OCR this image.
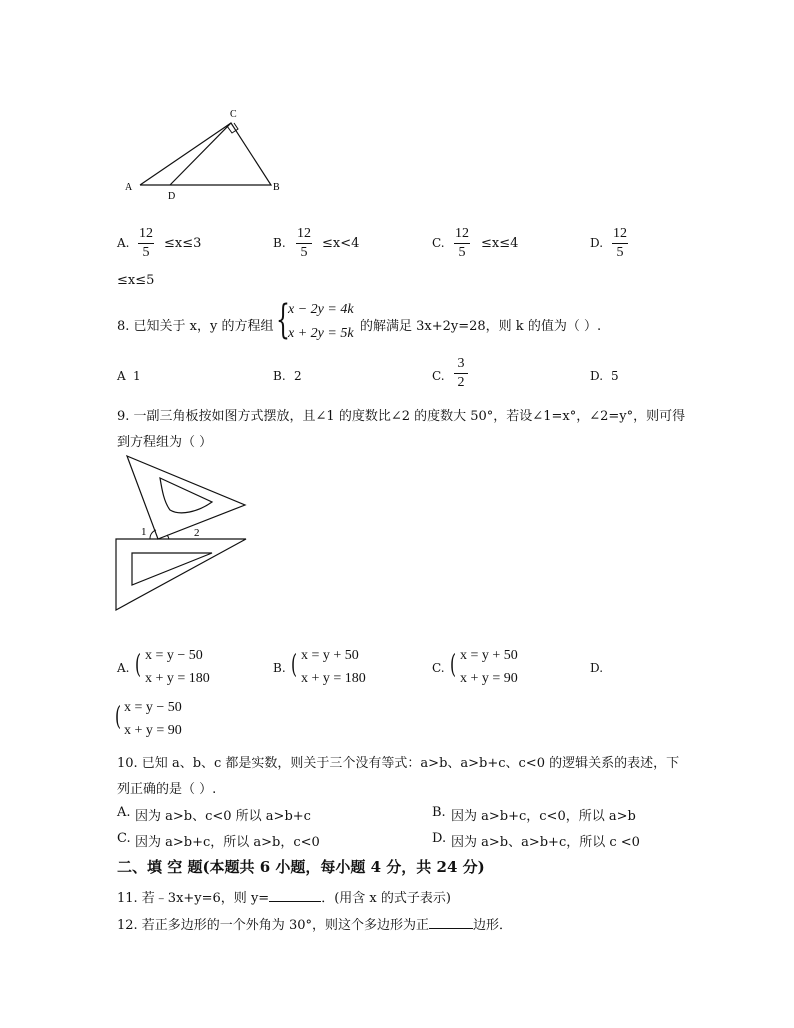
C
A
D
B
A.
12
5
≤x≤3	B.
12
5
≤x<4	C.
12
5
≤x≤4	D.
12
5
≤x≤5
8. 已知关于 x，y 的方程组 {
x − 2y = 4k
x + 2y = 5k 的解满足 3x+2y=28，则 k 的值为（ ）.
A 1	B. 2	C.
3
2	D. 5
9. 一副三角板按如图方式摆放，且∠1 的度数比∠2 的度数大 50°，若设∠1=x°，∠2=y°，则可得
到方程组为（ ）
1	2
A. ( x = y − 50
x + y = 180
B. ( x = y + 50
x + y = 180
C. ( x = y + 50
x + y = 90
D.
( x = y − 50
x + y = 90
10. 已知 a、b、c 都是实数，则关于三个没有等式：a>b、a>b+c、c<0 的逻辑关系的表述，下
列正确的是（ ）.
A. 因为 a>b、c<0 所以 a>b+c	B. 因为 a>b+c，c<0，所以 a>b
C. 因为 a>b+c，所以 a>b，c<0	D. 因为 a>b、a>b+c，所以 c <0
二、填 空 题(本题共 6 小题，每小题 4 分，共 24 分)
11. 若﹣3x+y=6，则 y=	．(用含 x 的式子表示)
12. 若正多边形的一个外角为 30°，则这个多边形为正	边形．
